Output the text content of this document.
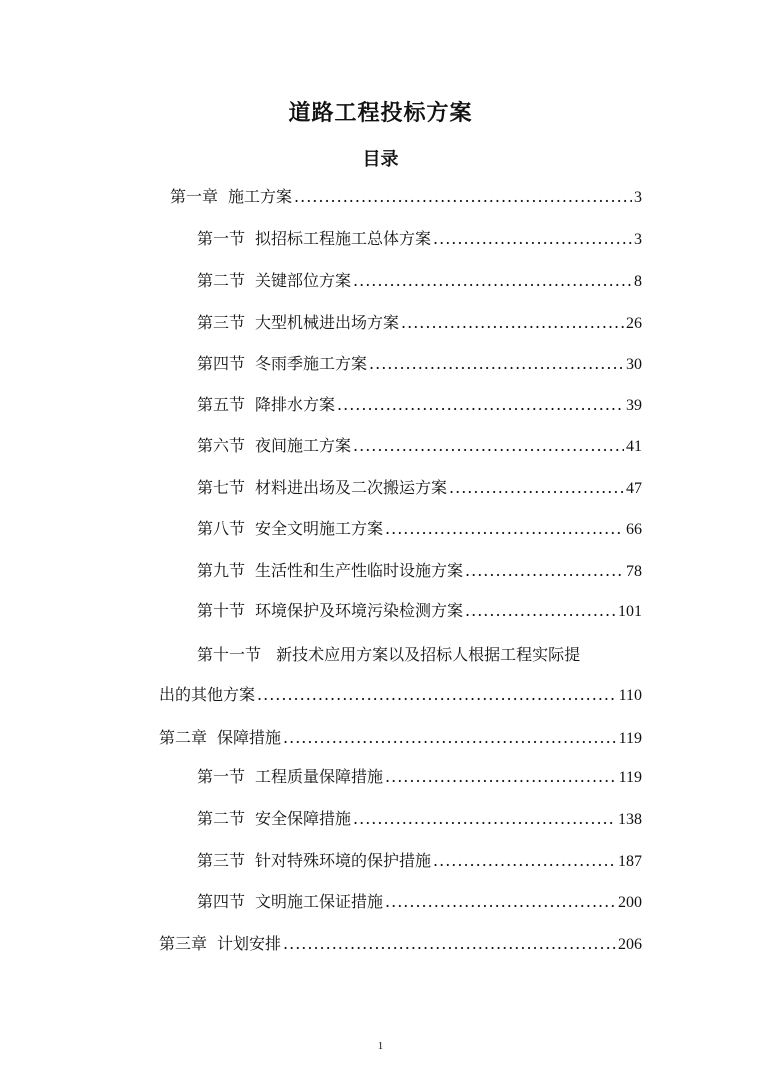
道路工程投标方案
目录
第一章 施工方案 .....	3
第一节 拟招标工程施工总体方案 .....	3
第二节 关键部位方案 .....	8
第三节 大型机械进出场方案 .....	26
第四节 冬雨季施工方案 .....	30
第五节 降排水方案 .....	39
第六节 夜间施工方案 .....	41
第七节 材料进出场及二次搬运方案 .....	47
第八节 安全文明施工方案 .....	66
第九节 生活性和生产性临时设施方案 .....	78
第十节 环境保护及环境污染检测方案 .....	101
第十一节 新技术应用方案以及招标人根据工程实际提
出的其他方案 .....	110
第二章 保障措施 .....	119
第一节 工程质量保障措施 .....	119
第二节 安全保障措施 .....	138
第三节 针对特殊环境的保护措施 .....	187
第四节 文明施工保证措施 .....	200
第三章 计划安排 .....	206
1
